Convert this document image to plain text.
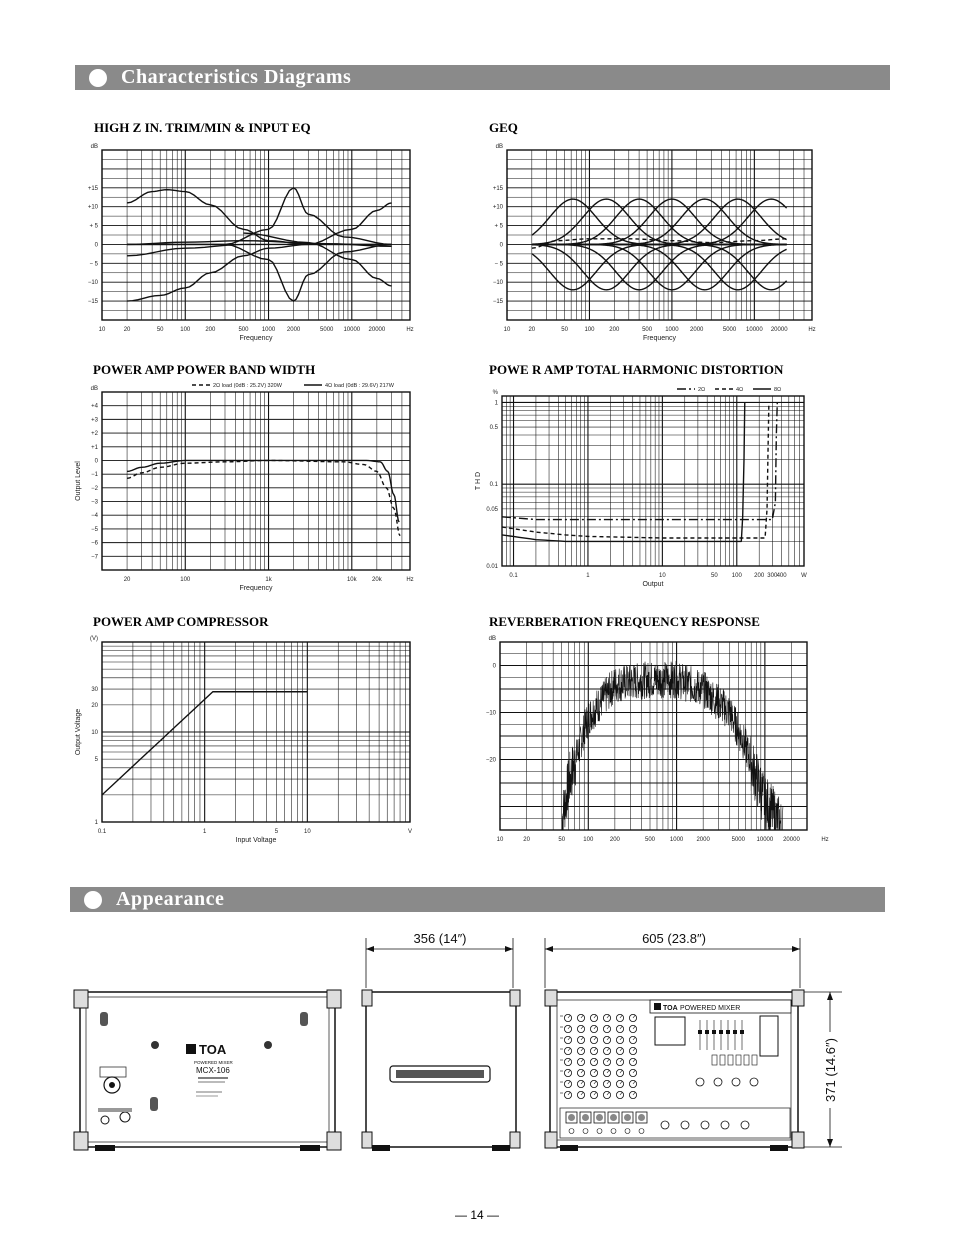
Characteristics Diagrams
Appearance
HIGH Z IN. TRIM/MIN & INPUT EQ	GEQ
POWER AMP POWER BAND WIDTH	POWE R AMP TOTAL HARMONIC DISTORTION
POWER AMP COMPRESSOR	REVERBERATION FREQUENCY RESPONSE
10	20	50	100	200	500 1000 2000	5000 10000 20000	Hz
+15
+10
+ 5
0
− 5
−10
−15
dB
Frequency
10	20	50	100 200	500 1000 2000	5000 10000 20000	Hz
+15
+10
+ 5
0
− 5
−10
−15
dB
Frequency
20	100	1k	10k	20k	Hz
+4
+3
+2
+1
0
−1
−2
−3
−4
−5
−6
−7
dB
Frequency
Output Level
2Ω load (0dB : 25.2V) 320W	4Ω load (0dB : 29.6V) 217W
0.1	1	10	50 100 200 300 400 W
1
0.5
0.1
0.05
0.01
%
Output
T H D
2Ω	4Ω	8Ω
0.1	1	5	10	V
30
20
10
5
1
(V)
Input Voltage
Output Voltage
10	20	50	100	200	500 1000 2000	5000 10000 20000	Hz
0
−10
−20
dB
TOA
POWERED MIXER
MCX-106
356 (14″)	605 (23.8″)
371 (14.6″)
TOA POWERED MIXER
— 14 —
